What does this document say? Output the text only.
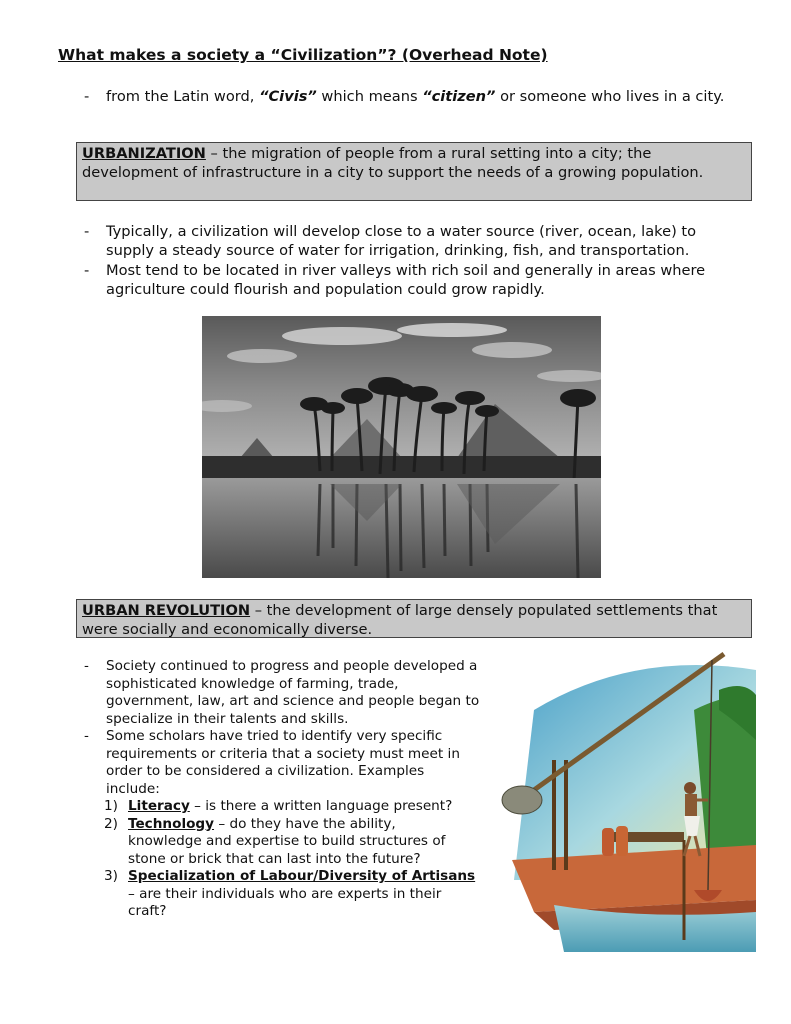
What makes a society a “Civilization”? (Overhead Note)
- from the Latin word, “Civis” which means “citizen” or someone who lives in a city.
URBANIZATION – the migration of people from a rural setting into a city; the development of infrastructure in a city to support the needs of a growing population.
- Typically, a civilization will develop close to a water source (river, ocean, lake) to supply a steady source of water for irrigation, drinking, fish, and transportation.
- Most tend to be located in river valleys with rich soil and generally in areas where agriculture could flourish and population could grow rapidly.
URBAN REVOLUTION – the development of large densely populated settlements that were socially and economically diverse.
- Society continued to progress and people developed a sophisticated knowledge of farming, trade, government, law, art and science and people began to specialize in their talents and skills.
- Some scholars have tried to identify very specific requirements or criteria that a society must meet in order to be considered a civilization. Examples include:
1) Literacy – is there a written language present?
2) Technology – do they have the ability, knowledge and expertise to build structures of stone or brick that can last into the future?
3) Specialization of Labour/Diversity of Artisans – are their individuals who are experts in their craft?
